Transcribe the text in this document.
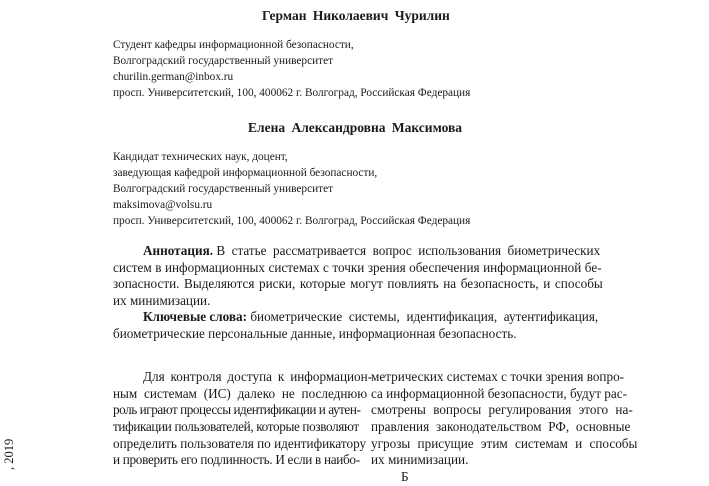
Герман Николаевич Чурилин
Студент кафедры информационной безопасности,
Волгоградский государственный университет
churilin.german@inbox.ru
просп. Университетский, 100, 400062 г. Волгоград, Российская Федерация
Елена Александровна Максимова
Кандидат технических наук, доцент,
заведующая кафедрой информационной безопасности,
Волгоградский государственный университет
maksimova@volsu.ru
просп. Университетский, 100, 400062 г. Волгоград, Российская Федерация
Аннотация.
В статье рассматривается вопрос использования биометрических
систем в информационных системах с точки зрения обеспечения информационной бе-
зопасности. Выделяются риски, которые могут повлиять на безопасность, и способы
их минимизации.
Ключевые слова:
биометрические системы, идентификация, аутентификация,
биометрические персональные данные, информационная безопасность.
Для контроля доступа к информацион-
ным системам (ИС) далеко не последнюю
роль играют процессы идентификации и аутен-
тификации пользователей, которые позволяют
определить пользователя по идентификатору
и проверить его подлинность. И если в наибо-
метрических системах с точки зрения вопро-
са информационной безопасности, будут рас-
смотрены вопросы регулирования этого на-
правления законодательством РФ, основные
угрозы присущие этим системам и способы
их минимизации.
Б
, 2019
